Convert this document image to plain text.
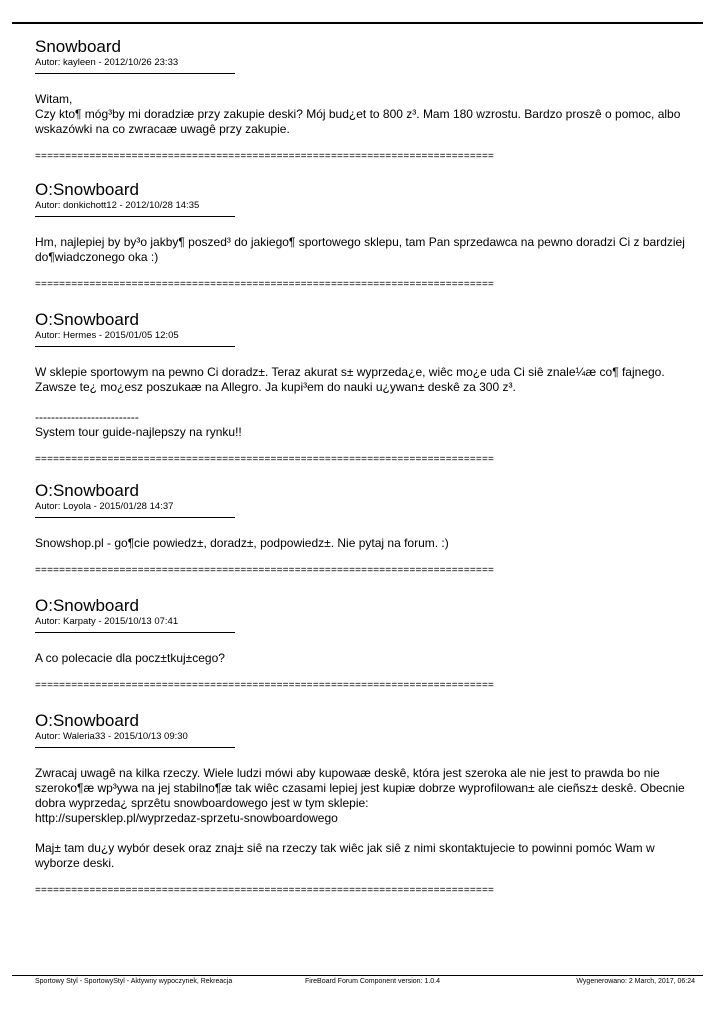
Snowboard
Autor: kayleen - 2012/10/26 23:33

Witam,
Czy kto¶ móg³by mi doradziæ przy zakupie deski? Mój bud¿et to 800 z³. Mam 180 wzrostu. Bardzo proszê o pomoc, albo wskazówki na co zwracaæ uwagê przy zakupie.

============================================================================
O:Snowboard
Autor: donkichott12 - 2012/10/28 14:35

Hm, najlepiej by by³o jakby¶ poszed³ do jakiego¶ sportowego sklepu, tam Pan sprzedawca na pewno doradzi Ci z bardziej do¶wiadczonego oka :)

============================================================================
O:Snowboard
Autor: Hermes - 2015/01/05 12:05

W sklepie sportowym na pewno Ci doradz±. Teraz akurat s± wyprzeda¿e, wiêc mo¿e uda Ci siê znale¼æ co¶ fajnego. Zawsze te¿ mo¿esz poszukaæ na Allegro. Ja kupi³em do nauki u¿ywan± deskê za 300 z³.

--------------------------
System tour guide-najlepszy na rynku!!

============================================================================
O:Snowboard
Autor: Loyola - 2015/01/28 14:37

Snowshop.pl - go¶cie powiedz±, doradz±, podpowiedz±. Nie pytaj na forum. :)

============================================================================
O:Snowboard
Autor: Karpaty - 2015/10/13 07:41

A co polecacie dla pocz±tkuj±cego?

============================================================================
O:Snowboard
Autor: Waleria33 - 2015/10/13 09:30

Zwracaj uwagê na kilka rzeczy. Wiele ludzi mówi aby kupowaæ deskê, która jest szeroka ale nie jest to prawda bo nie szeroko¶æ wp³ywa na jej stabilno¶æ tak wiêc czasami lepiej jest kupiæ dobrze wyprofilowan± ale cieñsz± deskê. Obecnie dobra wyprzeda¿ sprzêtu snowboardowego jest w tym sklepie:
http://supersklep.pl/wyprzedaz-sprzetu-snowboardowego

Maj± tam du¿y wybór desek oraz znaj± siê na rzeczy tak wiêc jak siê z nimi skontaktujecie to powinni pomóc Wam w wyborze deski.

============================================================================
Sportowy Styl - SportowyStyl - Aktywny wypoczynek, Rekreacja	FireBoard Forum Component version: 1.0.4	Wygenerowano: 2 March, 2017, 06:24
